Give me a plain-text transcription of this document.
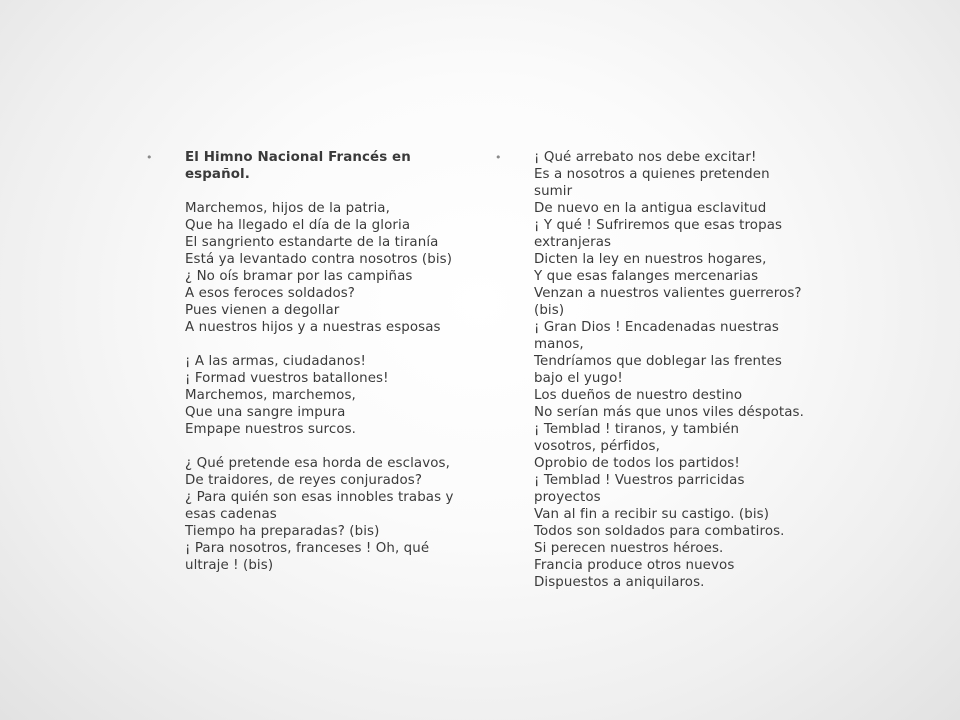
• El Himno Nacional Francés en español.
Marchemos, hijos de la patria,
Que ha llegado el día de la gloria
El sangriento estandarte de la tiranía
Está ya levantado contra nosotros (bis)
¿ No oís bramar por las campiñas
A esos feroces soldados?
Pues vienen a degollar
A nuestros hijos y a nuestras esposas
¡ A las armas, ciudadanos!
¡ Formad vuestros batallones!
Marchemos, marchemos,
Que una sangre impura
Empape nuestros surcos.
¿ Qué pretende esa horda de esclavos,
De traidores, de reyes conjurados?
¿ Para quién son esas innobles trabas y esas cadenas
Tiempo ha preparadas? (bis)
¡ Para nosotros, franceses ! Oh, qué ultraje ! (bis)
• ¡ Qué arrebato nos debe excitar!
Es a nosotros a quienes pretenden sumir
De nuevo en la antigua esclavitud
¡ Y qué ! Sufriremos que esas tropas extranjeras
Dicten la ley en nuestros hogares,
Y que esas falanges mercenarias
Venzan a nuestros valientes guerreros? (bis)
¡ Gran Dios ! Encadenadas nuestras manos,
Tendríamos que doblegar las frentes bajo el yugo!
Los dueños de nuestro destino
No serían más que unos viles déspotas.
¡ Temblad ! tiranos, y también vosotros, pérfidos,
Oprobio de todos los partidos!
¡ Temblad ! Vuestros parricidas proyectos
Van al fin a recibir su castigo. (bis)
Todos son soldados para combatiros.
Si perecen nuestros héroes.
Francia produce otros nuevos
Dispuestos a aniquilaros.
